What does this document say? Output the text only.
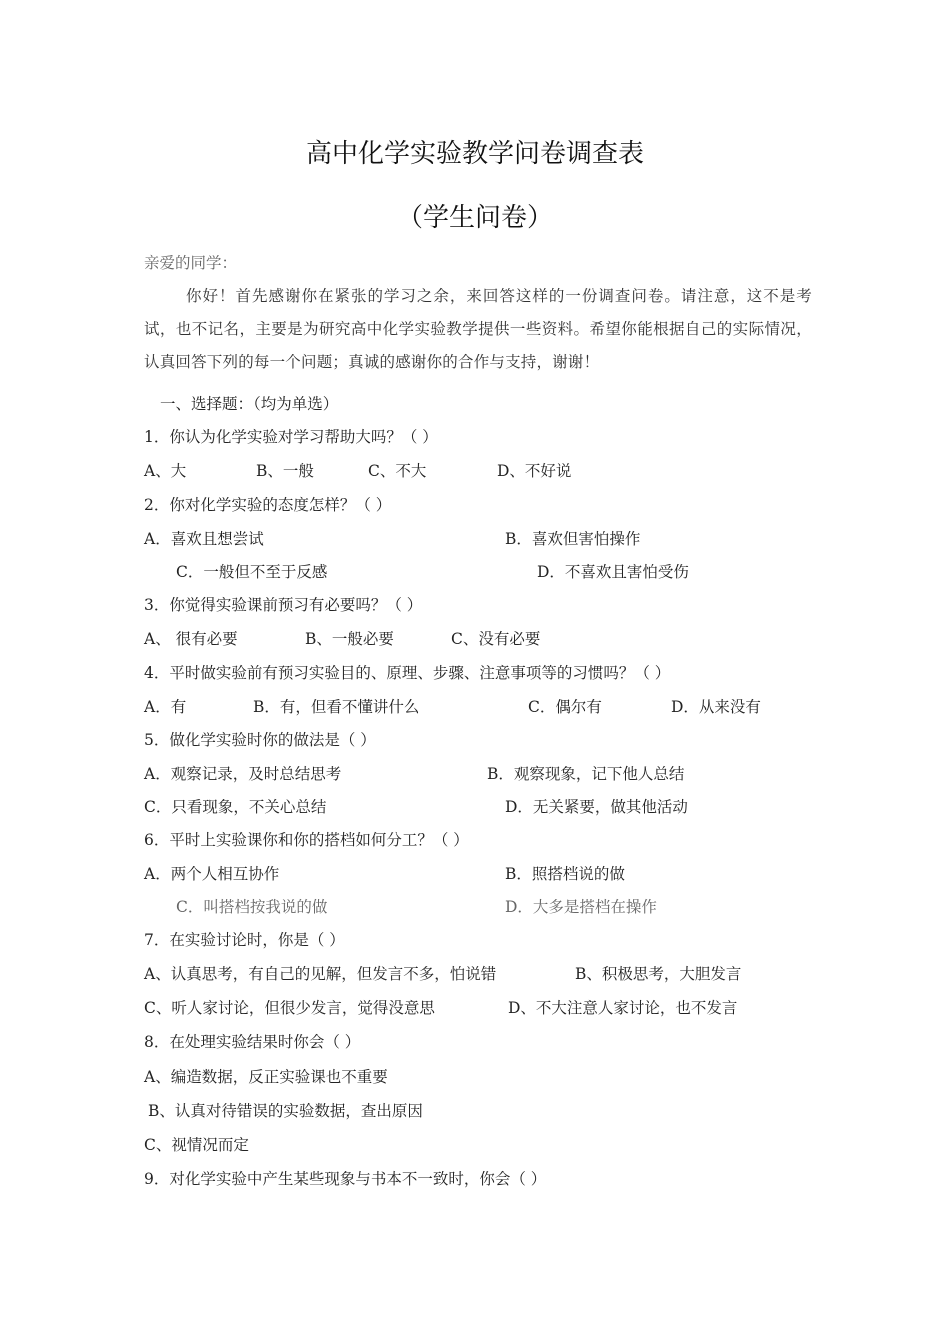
高中化学实验教学问卷调查表
（学生问卷）
亲爱的同学：
你好！首先感谢你在紧张的学习之余，来回答这样的一份调查问卷。请注意，这不是考试，也不记名，主要是为研究高中化学实验教学提供一些资料。希望你能根据自己的实际情况，认真回答下列的每一个问题；真诚的感谢你的合作与支持，谢谢！
一、选择题：（均为单选）
1．你认为化学实验对学习帮助大吗？（ ）
A、大	B、一般	C、不大	D、不好说
2．你对化学实验的态度怎样？（ ）
A．喜欢且想尝试	B．喜欢但害怕操作
C．一般但不至于反感	D．不喜欢且害怕受伤
3．你觉得实验课前预习有必要吗？（ ）
A、 很有必要	B、一般必要	C、没有必要
4．平时做实验前有预习实验目的、原理、步骤、注意事项等的习惯吗？（ ）
A．有	B．有，但看不懂讲什么	C．偶尔有	D．从来没有
5．做化学实验时你的做法是（ ）
A．观察记录，及时总结思考	B．观察现象，记下他人总结
C．只看现象，不关心总结	D．无关紧要，做其他活动
6．平时上实验课你和你的搭档如何分工？（ ）
A．两个人相互协作	B．照搭档说的做
C．叫搭档按我说的做	D．大多是搭档在操作
7．在实验讨论时，你是（ ）
A、认真思考，有自己的见解，但发言不多，怕说错	B、积极思考，大胆发言
C、听人家讨论，但很少发言，觉得没意思	D、不大注意人家讨论，也不发言
8．在处理实验结果时你会（ ）
A、编造数据，反正实验课也不重要
B、认真对待错误的实验数据，查出原因
C、视情况而定
9．对化学实验中产生某些现象与书本不一致时，你会（ ）
